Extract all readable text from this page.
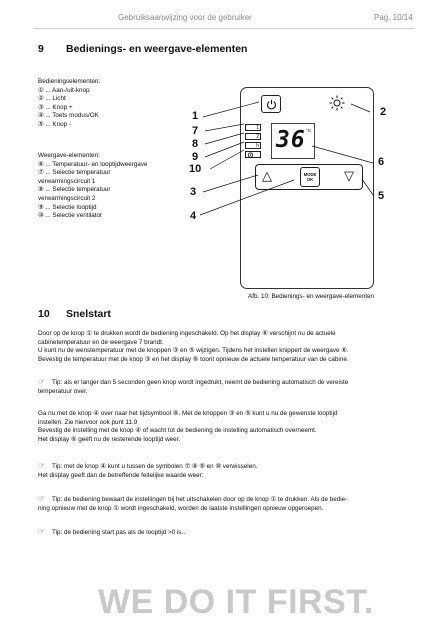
Gebruiksaanwijzing voor de gebruiker	Pag. 10/14
9 Bedienings- en weergave-elementen
Bedieningselementen:
① ... Aan-/uit-knop
② ... Licht
③ ... Knop +
④ ... Toets modus/OK
⑤ ... Knop -
Weergave-elementen:
⑥ ... Temperatuur- en looptijdweergave
⑦ ... Selectie temperatuur
verwarmingscircuit 1
⑧ ... Selectie temperatuur
verwarmingscircuit 2
⑨ ... Selectie looptijd
⑩ ... Selectie ventilator
1
2
h 36 °C
△	MODE
OK ▽
1	2
7
8
9
10
6
3	5
4
Afb. 10: Bedienings- en weergave-elementen
10 Snelstart
Door op de knop ① te drukken wordt de bediening ingeschakeld. Op het display ⑥ verschijnt nu de actuele
cabinetemperatuur en de weergave 7 brandt.
U kunt nu de wenstemperatuur met de knoppen ③ en ⑤ wijzigen. Tijdens het instellen knippert de weergave ⑥.
Bevestig de temperatuur met de knop ③ en het display ⑥ toont opnieuw de actuele temperatuur van de cabine.
☞ Tip: als er langer dan 5 seconden geen knop wordt ingedrukt, neemt de bediening automatisch de vereiste
temperatuur over.
Ga nu met de knop ④ over naar het tijdsymbool ⑧. Met de knoppen ③ en ⑤ kunt u nu de gewenste looptijd
instellen. Zie hiervoor ook punt 11.9
Bevestig de instelling met de knop ④ of wacht tot de bediening de instelling automatisch overneemt.
Het display ⑥ geeft nu de resterende looptijd weer.
☞ Tip: met de knop ④ kunt u tussen de symbolen ⑦ ⑧ ⑨ en ⑩ verwisselen.
Het display geeft dan de betreffende feitelijke waarde weer:
☞ Tip: de bediening bewaart de instellingen bij het uitschakelen door op de knop ① te drukken. Als de bedie-
ning opnieuw met de knop ① wordt ingeschakeld, worden de laatste instellingen opnieuw opgeroepen.
☞ Tip: de bediening start pas als de looptijd >0 is..
WE DO IT FIRST.
